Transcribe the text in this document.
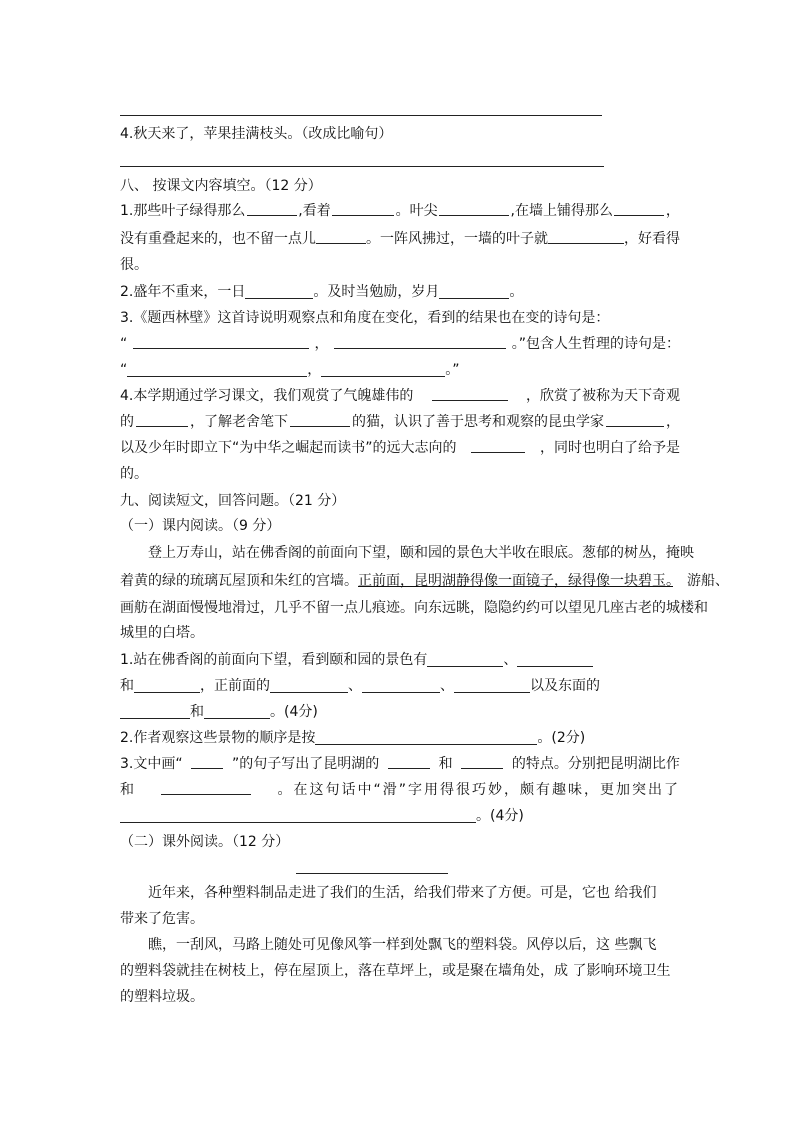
4.秋天来了，苹果挂满枝头。（改成比喻句）
八、 按课文内容填空。（12 分）
1.那些叶子绿得那么	,看着	。叶尖	,在墙上铺得那么	，
没有重叠起来的，也不留一点儿	。一阵风拂过，一墙的叶子就	，好看得
很。
2.盛年不重来，一日	。及时当勉励，岁月	。
3.《题西林壁》这首诗说明观察点和角度在变化，看到的结果也在变的诗句是：
“	，	。”包含人生哲理的诗句是：
“	，	。”
4.本学期通过学习课文，我们观赏了气魄雄伟的	，欣赏了被称为天下奇观
的	，了解老舍笔下	的猫，认识了善于思考和观察的昆虫学家	，
以及少年时即立下“为中华之崛起而读书”的远大志向的	，同时也明白了给予是
的。
九、阅读短文，回答问题。（21 分）
（一）课内阅读。（9 分）
　　登上万寿山，站在佛香阁的前面向下望，颐和园的景色大半收在眼底。葱郁的树丛，掩映
着黄的绿的琉璃瓦屋顶和朱红的宫墙。正前面，昆明湖静得像一面镜子，绿得像一块碧玉。　游船、
画舫在湖面慢慢地滑过，几乎不留一点儿痕迹。向东远眺，隐隐约约可以望见几座古老的城楼和
城里的白塔。
1.站在佛香阁的前面向下望，看到颐和园的景色有	、
和	，正前面的	、	、	以及东面的
和	。(4分)
2.作者观察这些景物的顺序是按	。(2分)
3.文中画“	”的句子写出了昆明湖的	和	的特点。分别把昆明湖比作
和	。在这句话中“滑”字用得很巧妙，颇有趣味，更加突出了
。(4分)
（二）课外阅读。（12 分）
　　近年来，各种塑料制品走进了我们的生活，给我们带来了方便。可是，它也 给我们
带来了危害。
　　瞧，一刮风，马路上随处可见像风筝一样到处飘飞的塑料袋。风停以后，这 些飘飞
的塑料袋就挂在树枝上，停在屋顶上，落在草坪上，或是聚在墙角处，成 了影响环境卫生
的塑料垃圾。
